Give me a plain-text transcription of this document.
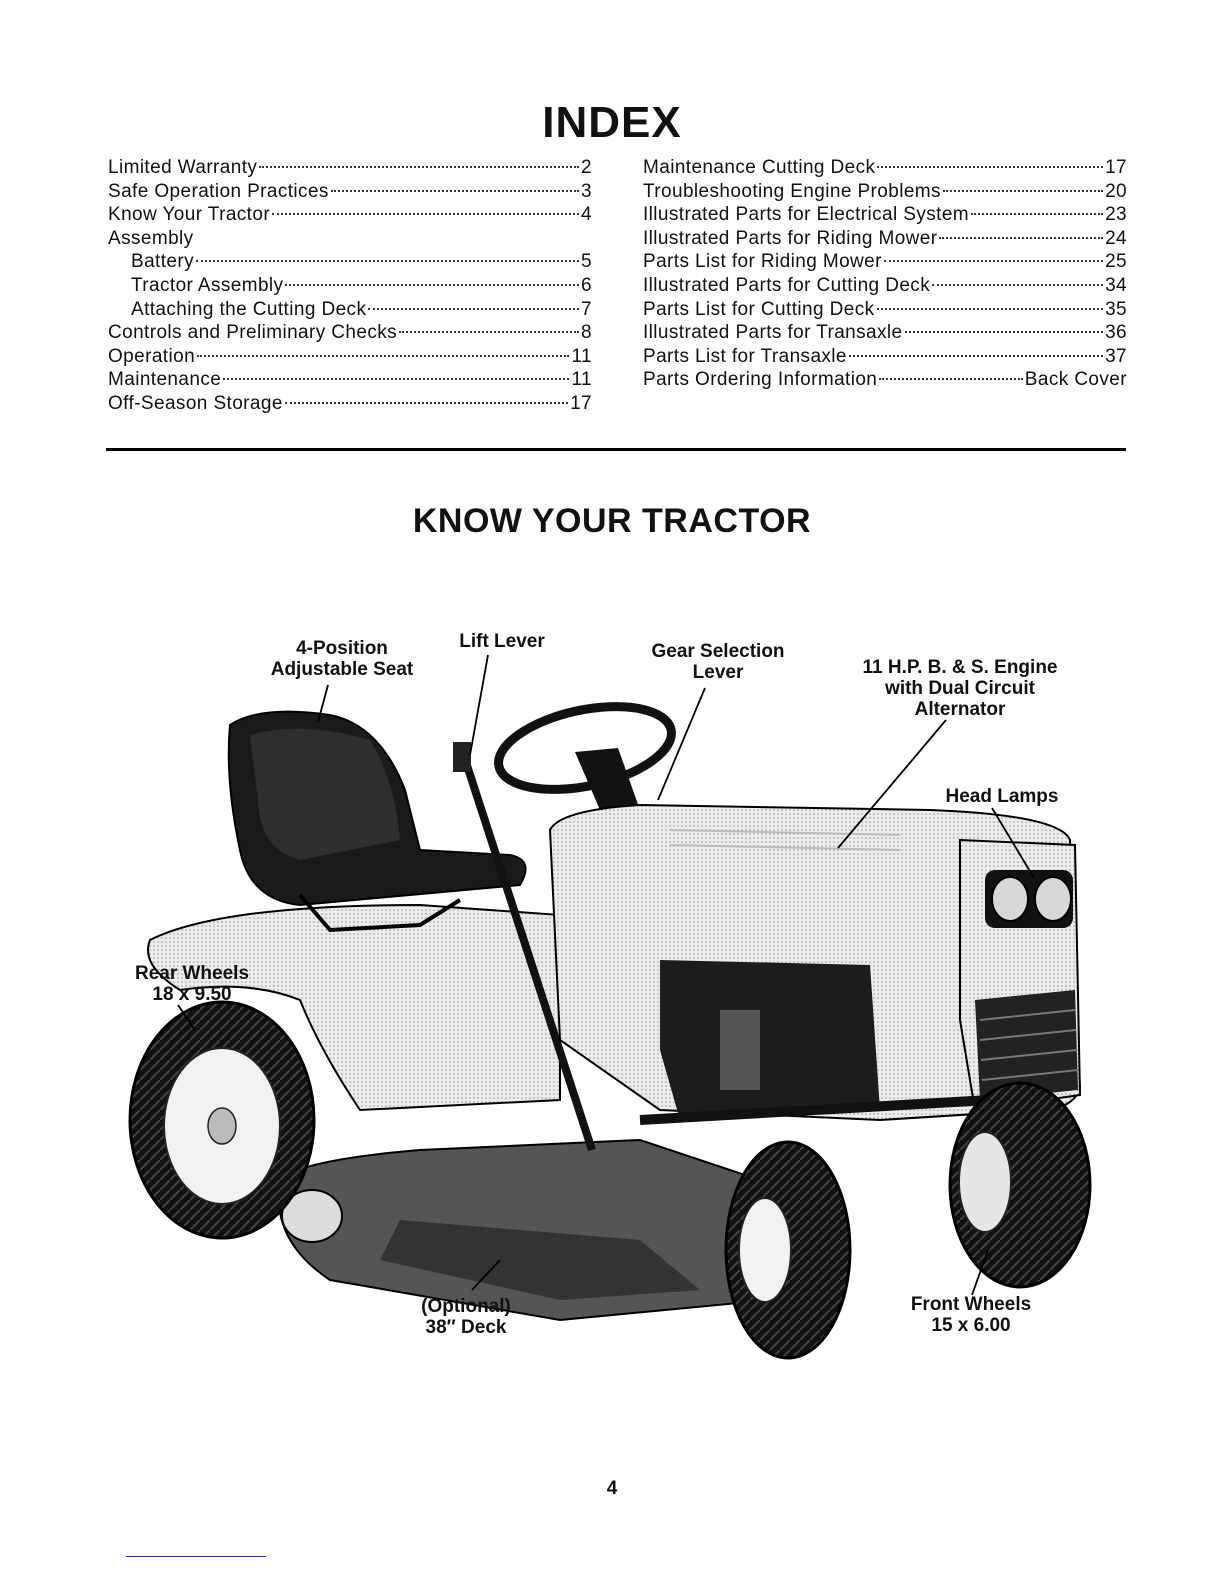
INDEX
Limited Warranty	2
Safe Operation Practices	3
Know Your Tractor	4
Assembly
Battery	5
Tractor Assembly	6
Attaching the Cutting Deck	7
Controls and Preliminary Checks	8
Operation	11
Maintenance	11
Off-Season Storage	17
Maintenance Cutting Deck	17
Troubleshooting Engine Problems	20
Illustrated Parts for Electrical System	23
Illustrated Parts for Riding Mower	24
Parts List for Riding Mower	25
Illustrated Parts for Cutting Deck	34
Parts List for Cutting Deck	35
Illustrated Parts for Transaxle	36
Parts List for Transaxle	37
Parts Ordering Information	Back Cover
KNOW YOUR TRACTOR
4-Position
Adjustable Seat
Lift Lever	Gear Selection
Lever	11 H.P. B. & S. Engine
with Dual Circuit
Alternator
Head Lamps
Rear Wheels
18 x 9.50
(Optional)
38″ Deck
Front Wheels
15 x 6.00
4
